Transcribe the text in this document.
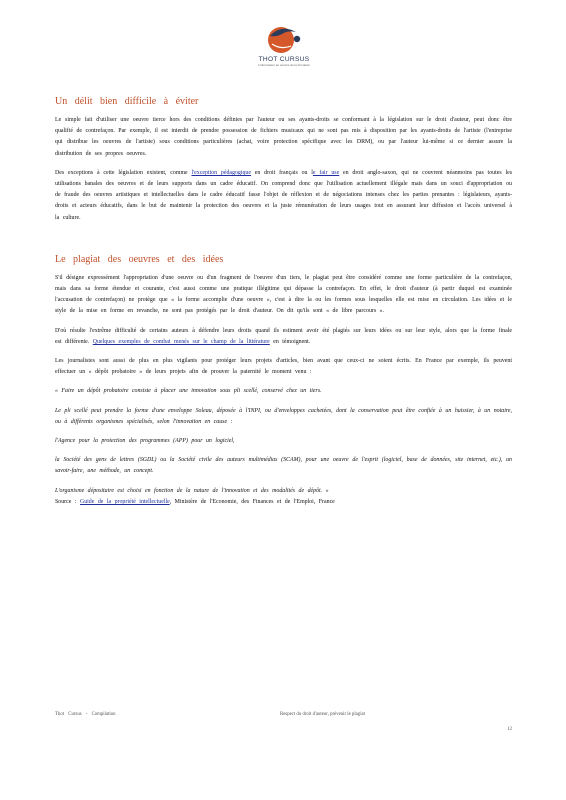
THOT CURSUS
L'information au service de la formation
Un délit bien difficile à éviter

Le simple fait d'utiliser une oeuvre tierce hors des conditions définies par l'auteur ou ses ayants-droits se conformant à la législation sur le droit d'auteur, peut donc être qualifié de contrefaçon. Par exemple, il est interdit de prendre possession de fichiers musicaux qui ne sont pas mis à disposition par les ayants-droits de l'artiste (l'entreprise qui distribue les oeuvres de l'artiste) sous conditions particulières (achat, voire protection spécifique avec les DRM), ou par l'auteur lui-même si ce dernier assure la distribution de ses propres oeuvres.

Des exceptions à cette législation existent, comme l'exception pédagogique en droit français ou le fair use en droit anglo-saxon, qui ne couvrent néanmoins pas toutes les utilisations banales des oeuvres et de leurs supports dans un cadre éducatif. On comprend donc que l'utilisation actuellement illégale mais dans un souci d'appropriation ou de fraude des oeuvres artistiques et intellectuelles dans le cadre éducatif fasse l'objet de réflexion et de négociations intenses chez les parties prenantes : législateurs, ayants-droits et acteurs éducatifs, dans le but de maintenir la protection des oeuvres et la juste rémunération de leurs usages tout en assurant leur diffusion et l'accès universel à la culture.

Le plagiat des oeuvres et des idées

S'il désigne expressément l'appropriation d'une oeuvre ou d'un fragment de l'oeuvre d'un tiers, le plagiat peut être considéré comme une forme particulière de la contrefaçon, mais dans sa forme étendue et courante, c'est aussi comme une pratique illégitime qui dépasse la contrefaçon. En effet, le droit d'auteur (à partir duquel est examinée l'accusation de contrefaçon) ne protège que « la forme accomplie d'une oeuvre », c'est à dire la ou les formes sous lesquelles elle est mise en circulation. Les idées et le style de la mise en forme en revanche, ne sont pas protégés par le droit d'auteur. On dit qu'ils sont « de libre parcours ».

D'où résulte l'extrême difficulté de certains auteurs à défendre leurs droits quand ils estiment avoir été plagiés sur leurs idées ou sur leur style, alors que la forme finale est différente. Quelques exemples de combat menés sur le champ de la littérature en témoignent.

Les journalistes sont aussi de plus en plus vigilants pour protéger leurs projets d'articles, bien avant que ceux-ci ne soient écrits. En France par exemple, ils peuvent effectuer un « dépôt probatoire » de leurs projets afin de prouver la paternité le moment venu :

« Faire un dépôt probatoire consiste à placer une innovation sous pli scellé, conservé chez un tiers.

Le pli scellé peut prendre la forme d'une enveloppe Soleau, déposée à l'INPI, ou d'enveloppes cachetées, dont la conservation peut être confiée à un huissier, à un notaire, ou à différents organismes spécialisés, selon l'innovation en cause :

l'Agence pour la protection des programmes (APP) pour un logiciel,

la Société des gens de lettres (SGDL) ou la Société civile des auteurs multimédias (SCAM), pour une oeuvre de l'esprit (logiciel, base de données, site internet, etc.), un savoir-faire, une méthode, un concept.

L'organisme dépositaire est choisi en fonction de la nature de l'innovation et des modalités de dépôt. »
Source : Guide de la propriété intellectuelle, Ministère de l'Economie, des Finances et de l'Emploi, France

Thot Cursus - Compilation	Respect du droit d'auteur, prévenir le plagiat
12
